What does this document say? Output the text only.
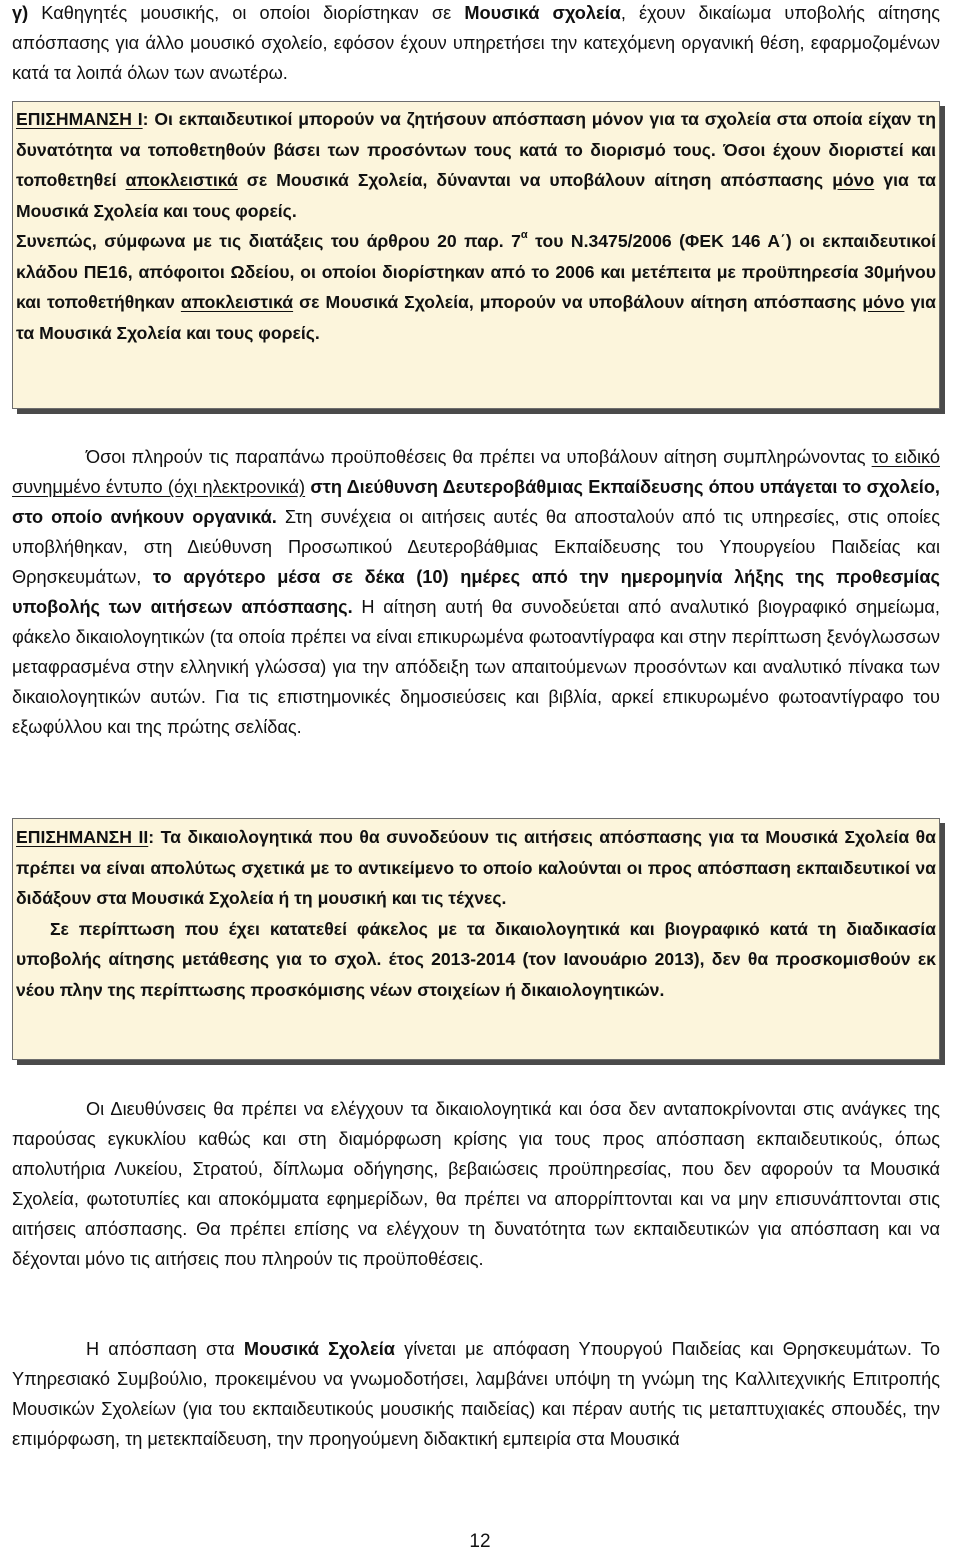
γ) Καθηγητές μουσικής, οι οποίοι διορίστηκαν σε Μουσικά σχολεία, έχουν δικαίωμα υποβολής αίτησης απόσπασης για άλλο μουσικό σχολείο, εφόσον έχουν υπηρετήσει την κατεχόμενη οργανική θέση, εφαρμοζομένων κατά τα λοιπά όλων των ανωτέρω.

ΕΠΙΣΗΜΑΝΣΗ Ι: Οι εκπαιδευτικοί μπορούν να ζητήσουν απόσπαση μόνον για τα σχολεία στα οποία είχαν τη δυνατότητα να τοποθετηθούν βάσει των προσόντων τους κατά το διορισμό τους. Όσοι έχουν διοριστεί και τοποθετηθεί αποκλειστικά σε Μουσικά Σχολεία, δύνανται να υποβάλουν αίτηση απόσπασης μόνο για τα Μουσικά Σχολεία και τους φορείς.

Συνεπώς, σύμφωνα με τις διατάξεις του άρθρου 20 παρ. $7^\alpha$ του Ν.3475/2006 (ΦΕΚ 146 Α΄) οι εκπαιδευτικοί κλάδου ΠΕ16, απόφοιτοι Ωδείου, οι οποίοι διορίστηκαν από το 2006 και μετέπειτα με προϋπηρεσία 30μήνου και τοποθετήθηκαν αποκλειστικά σε Μουσικά Σχολεία, μπορούν να υποβάλουν αίτηση απόσπασης μόνο για τα Μουσικά Σχολεία και τους φορείς.

Όσοι πληρούν τις παραπάνω προϋποθέσεις θα πρέπει να υποβάλουν αίτηση συμπληρώνοντας το ειδικό συνημμένο έντυπο (όχι ηλεκτρονικά) στη Διεύθυνση Δευτεροβάθμιας Εκπαίδευσης όπου υπάγεται το σχολείο, στο οποίο ανήκουν οργανικά. Στη συνέχεια οι αιτήσεις αυτές θα αποσταλούν από τις υπηρεσίες, στις οποίες υποβλήθηκαν, στη Διεύθυνση Προσωπικού Δευτεροβάθμιας Εκπαίδευσης του Υπουργείου Παιδείας και Θρησκευμάτων, το αργότερο μέσα σε δέκα (10) ημέρες από την ημερομηνία λήξης της προθεσμίας υποβολής των αιτήσεων απόσπασης. Η αίτηση αυτή θα συνοδεύεται από αναλυτικό βιογραφικό σημείωμα, φάκελο δικαιολογητικών (τα οποία πρέπει να είναι επικυρωμένα φωτοαντίγραφα και στην περίπτωση ξενόγλωσσων μεταφρασμένα στην ελληνική γλώσσα) για την απόδειξη των απαιτούμενων προσόντων και αναλυτικό πίνακα των δικαιολογητικών αυτών. Για τις επιστημονικές δημοσιεύσεις και βιβλία, αρκεί επικυρωμένο φωτοαντίγραφο του εξωφύλλου και της πρώτης σελίδας.

ΕΠΙΣΗΜΑΝΣΗ ΙΙ: Τα δικαιολογητικά που θα συνοδεύουν τις αιτήσεις απόσπασης για τα Μουσικά Σχολεία θα πρέπει να είναι απολύτως σχετικά με το αντικείμενο το οποίο καλούνται οι προς απόσπαση εκπαιδευτικοί να διδάξουν στα Μουσικά Σχολεία ή τη μουσική και τις τέχνες.

Σε περίπτωση που έχει κατατεθεί φάκελος με τα δικαιολογητικά και βιογραφικό κατά τη διαδικασία υποβολής αίτησης μετάθεσης για το σχολ. έτος 2013-2014 (τον Ιανουάριο 2013), δεν θα προσκομισθούν εκ νέου πλην της περίπτωσης προσκόμισης νέων στοιχείων ή δικαιολογητικών.

Οι Διευθύνσεις θα πρέπει να ελέγχουν τα δικαιολογητικά και όσα δεν ανταποκρίνονται στις ανάγκες της παρούσας εγκυκλίου καθώς και στη διαμόρφωση κρίσης για τους προς απόσπαση εκπαιδευτικούς, όπως απολυτήρια Λυκείου, Στρατού, δίπλωμα οδήγησης, βεβαιώσεις προϋπηρεσίας, που δεν αφορούν τα Μουσικά Σχολεία, φωτοτυπίες και αποκόμματα εφημερίδων, θα πρέπει να απορρίπτονται και να μην επισυνάπτονται στις αιτήσεις απόσπασης. Θα πρέπει επίσης να ελέγχουν τη δυνατότητα των εκπαιδευτικών για απόσπαση και να δέχονται μόνο τις αιτήσεις που πληρούν τις προϋποθέσεις.

Η απόσπαση στα Μουσικά Σχολεία γίνεται με απόφαση Υπουργού Παιδείας και Θρησκευμάτων. Το Υπηρεσιακό Συμβούλιο, προκειμένου να γνωμοδοτήσει, λαμβάνει υπόψη τη γνώμη της Καλλιτεχνικής Επιτροπής Μουσικών Σχολείων (για του εκπαιδευτικούς μουσικής παιδείας) και πέραν αυτής τις μεταπτυχιακές σπουδές, την επιμόρφωση, τη μετεκπαίδευση, την προηγούμενη διδακτική εμπειρία στα Μουσικά

12
